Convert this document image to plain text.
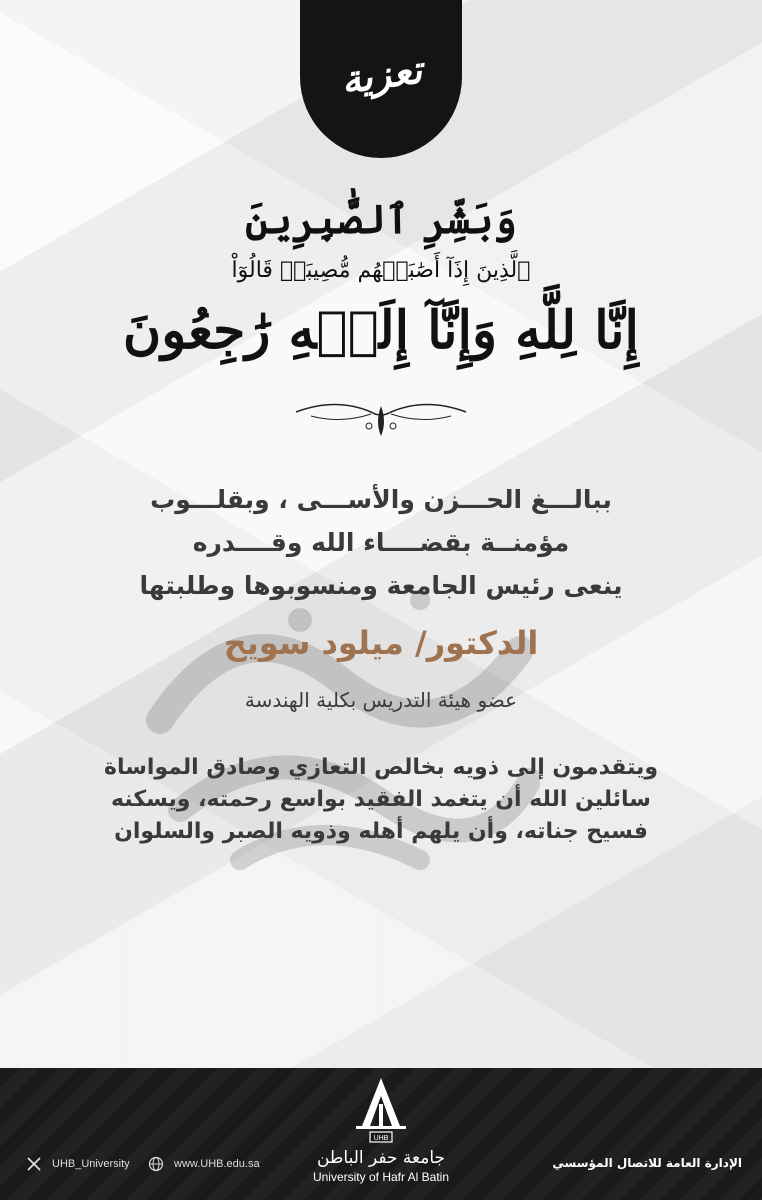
تعزية
وَبَشِّرِ ٱلصَّٰبِرِينَ
ٱلَّذِينَ إِذَآ أَصَٰبَتۡهُم مُّصِيبَةٞ قَالُوٓاْ
إِنَّا لِلَّهِ وَإِنَّآ إِلَيۡهِ رَٰجِعُونَ
ببالـــغ الحـــزن والأســـى ، وبقلـــوب
مؤمنــة بقضــــاء الله وقــــدره
ينعى رئيس الجامعة ومنسوبوها وطلبتها
الدكتور/ ميلود سويح
عضو هيئة التدريس بكلية الهندسة
ويتقدمون إلى ذويه بخالص التعازي وصادق المواساة
سائلين الله أن يتغمد الفقيد بواسع رحمته، ويسكنه
فسيح جناته، وأن يلهم أهله وذويه الصبر والسلوان
UHB
جامعة حفر الباطن
University of Hafr Al Batin
UHB_University	www.UHB.edu.sa	الإدارة العامة للاتصال المؤسسي
